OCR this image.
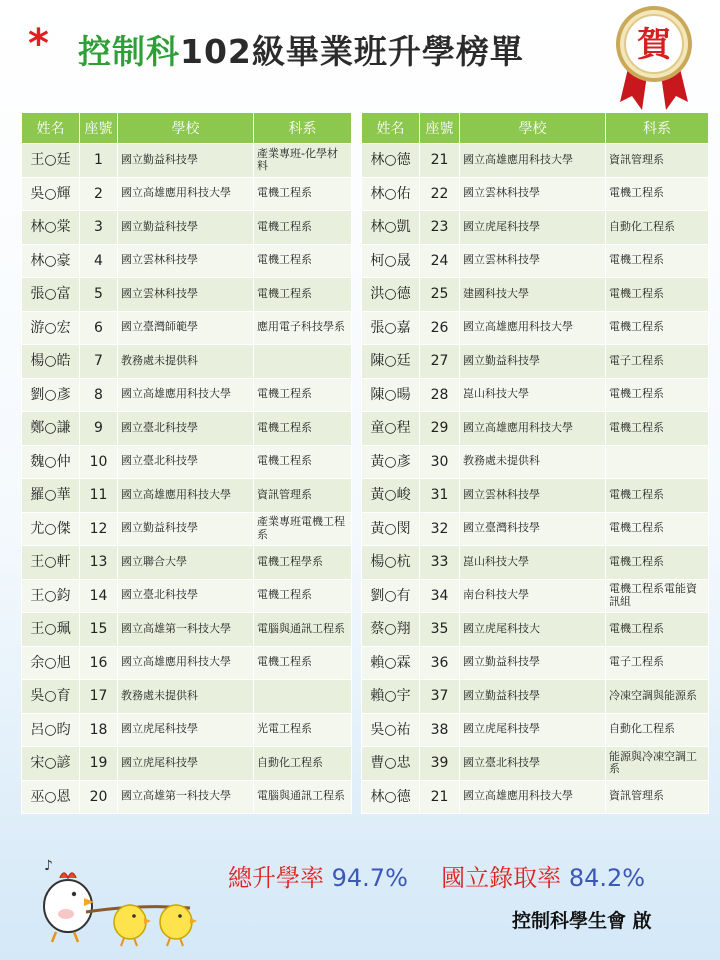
* 控制科102級畢業班升學榜單	賀
姓名	座號	學校	科系
王○廷	1	國立勤益科技學	產業專班-化學材料
吳○輝	2	國立高雄應用科技大學	電機工程系
林○棠	3	國立勤益科技學	電機工程系
林○豪	4	國立雲林科技學	電機工程系
張○富	5	國立雲林科技學	電機工程系
游○宏	6	國立臺灣師範學	應用電子科技學系
楊○皓	7	教務處未提供科	
劉○彥	8	國立高雄應用科技大學	電機工程系
鄭○謙	9	國立臺北科技學	電機工程系
魏○仲	10	國立臺北科技學	電機工程系
羅○華	11	國立高雄應用科技大學	資訊管理系
尤○傑	12	國立勤益科技學	產業專班電機工程系
王○軒	13	國立聯合大學	電機工程學系
王○鈞	14	國立臺北科技學	電機工程系
王○珮	15	國立高雄第一科技大學	電腦與通訊工程系
余○旭	16	國立高雄應用科技大學	電機工程系
吳○育	17	教務處未提供科	
呂○昀	18	國立虎尾科技學	光電工程系
宋○諺	19	國立虎尾科技學	自動化工程系
巫○恩	20	國立高雄第一科技大學	電腦與通訊工程系
姓名	座號	學校	科系
林○德	21	國立高雄應用科技大學	資訊管理系
林○佑	22	國立雲林科技學	電機工程系
林○凱	23	國立虎尾科技學	自動化工程系
柯○晟	24	國立雲林科技學	電機工程系
洪○德	25	建國科技大學	電機工程系
張○嘉	26	國立高雄應用科技大學	電機工程系
陳○廷	27	國立勤益科技學	電子工程系
陳○暘	28	崑山科技大學	電機工程系
童○程	29	國立高雄應用科技大學	電機工程系
黃○彥	30	教務處未提供科	
黃○峻	31	國立雲林科技學	電機工程系
黃○閔	32	國立臺灣科技學	電機工程系
楊○杭	33	崑山科技大學	電機工程系
劉○有	34	南台科技大學	電機工程系電能資訊組
蔡○翔	35	國立虎尾科技大	電機工程系
賴○霖	36	國立勤益科技學	電子工程系
賴○宇	37	國立勤益科技學	冷凍空調與能源系
吳○祐	38	國立虎尾科技學	自動化工程系
曹○忠	39	國立臺北科技學	能源與冷凍空調工系
林○德	21	國立高雄應用科技大學	資訊管理系
♪	總升學率 94.7% 國立錄取率 84.2%
控制科學生會 啟
